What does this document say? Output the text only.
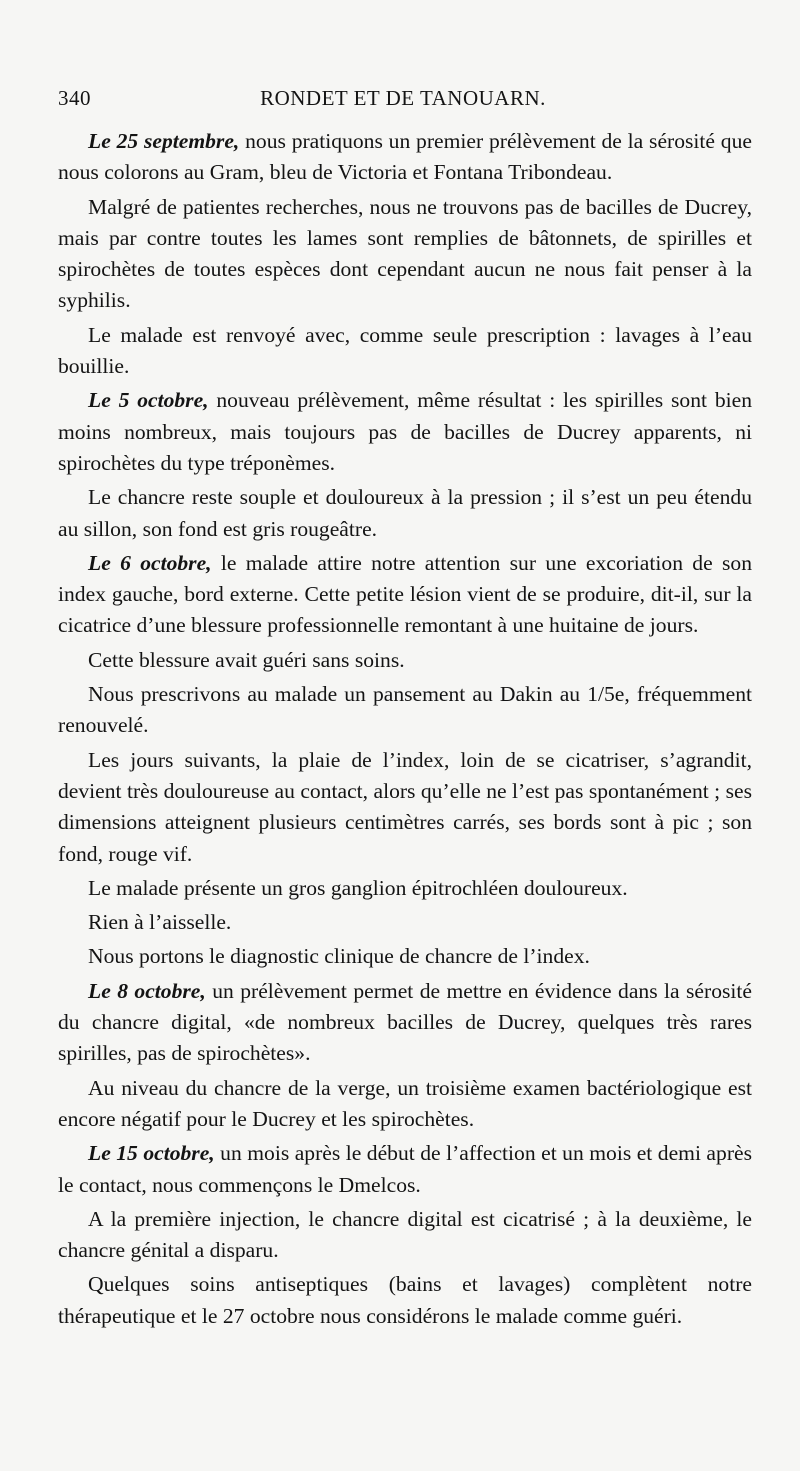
340	RONDET ET DE TANOUARN.

Le 25 septembre, nous pratiquons un premier prélèvement de la sérosité que nous colorons au Gram, bleu de Victoria et Fontana Tribondeau.

Malgré de patientes recherches, nous ne trouvons pas de bacilles de Ducrey, mais par contre toutes les lames sont remplies de bâtonnets, de spirilles et spirochètes de toutes espèces dont cependant aucun ne nous fait penser à la syphilis.

Le malade est renvoyé avec, comme seule prescription : lavages à l’eau bouillie.

Le 5 octobre, nouveau prélèvement, même résultat : les spirilles sont bien moins nombreux, mais toujours pas de bacilles de Ducrey apparents, ni spirochètes du type tréponèmes.

Le chancre reste souple et douloureux à la pression ; il s’est un peu étendu au sillon, son fond est gris rougeâtre.

Le 6 octobre, le malade attire notre attention sur une excoriation de son index gauche, bord externe. Cette petite lésion vient de se produire, dit-il, sur la cicatrice d’une blessure professionnelle remontant à une huitaine de jours.

Cette blessure avait guéri sans soins.

Nous prescrivons au malade un pansement au Dakin au 1/5e, fréquemment renouvelé.

Les jours suivants, la plaie de l’index, loin de se cicatriser, s’agrandit, devient très douloureuse au contact, alors qu’elle ne l’est pas spontanément ; ses dimensions atteignent plusieurs centimètres carrés, ses bords sont à pic ; son fond, rouge vif.

Le malade présente un gros ganglion épitrochléen douloureux.

Rien à l’aisselle.

Nous portons le diagnostic clinique de chancre de l’index.

Le 8 octobre, un prélèvement permet de mettre en évidence dans la sérosité du chancre digital, «de nombreux bacilles de Ducrey, quelques très rares spirilles, pas de spirochètes».

Au niveau du chancre de la verge, un troisième examen bactériologique est encore négatif pour le Ducrey et les spirochètes.

Le 15 octobre, un mois après le début de l’affection et un mois et demi après le contact, nous commençons le Dmelcos.

A la première injection, le chancre digital est cicatrisé ; à la deuxième, le chancre génital a disparu.

Quelques soins antiseptiques (bains et lavages) complètent notre thérapeutique et le 27 octobre nous considérons le malade comme guéri.
